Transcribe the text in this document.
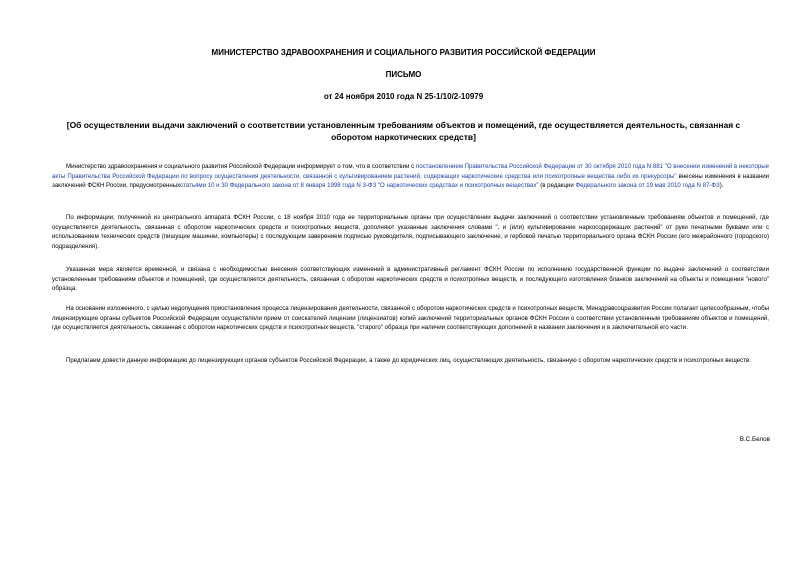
МИНИСТЕРСТВО ЗДРАВООХРАНЕНИЯ И СОЦИАЛЬНОГО РАЗВИТИЯ РОССИЙСКОЙ ФЕДЕРАЦИИ
ПИСЬМО
от 24 ноября 2010 года N 25-1/10/2-10979
[Об осуществлении выдачи заключений о соответствии установленным требованиям объектов и помещений, где осуществляется деятельность, связанная с оборотом наркотических средств]

Министерство здравоохранения и социального развития Российской Федерации информирует о том, что в соответствии с постановлением Правительства Российской Федерации от 30 октября 2010 года N 881 "О внесении изменений в некоторые акты Правительства Российской Федерации по вопросу осуществления деятельности, связанной с культивированием растений, содержащих наркотические средства или психотропные вещества либо их прекурсоры" внесены изменения в названии заключений ФСКН России, предусмотренныхстатьями 10 и 30 Федерального закона от 8 января 1998 года N 3-ФЗ "О наркотических средствах и психотропных веществах" (в редакции Федерального закона от 19 мая 2010 года N 87-ФЗ).

По информации, полученной из центрального аппарата ФСКН России, с 18 ноября 2010 года ее территориальные органы при осуществлении выдачи заключений о соответствии установленным требованиям объектов и помещений, где осуществляется деятельность, связанная с оборотом наркотических средств и психотропных веществ, дополняют указанные заключения словами ", и (или) культивирование наркосодержащих растений" от руки печатными буквами или с использованием технических средств (пишущие машинки, компьютеры) с последующим заверением подписью руководителя, подписывающего заключение, и гербовой печатью территориального органа ФСКН России (его межрайонного (городского) подразделения).

Указанная мера является временной, и связана с необходимостью внесения соответствующих изменений в административный регламент ФСКН России по исполнению государственной функции по выдаче заключений о соответствии установленным требованиям объектов и помещений, где осуществляется деятельность, связанная с оборотом наркотических средств и психотропных веществ, и последующего изготовления бланков заключений на объекты и помещения "нового" образца.

На основании изложенного, с целью недопущения приостановления процесса лицензирования деятельности, связанной с оборотом наркотических средств и психотропных веществ, Минздравсоцразвития России полагает целесообразным, чтобы лицензирующие органы субъектов Российской Федерации осуществляли прием от соискателей лицензии (лицензиатов) копий заключений территориальных органов ФСКН России о соответствии установленным требованиям объектов и помещений, где осуществляется деятельность, связанная с оборотом наркотических средств и психотропных веществ, "старого" образца при наличии соответствующих дополнений в названии заключения и в заключительной его части.

Предлагаем довести данную информацию до лицензирующих органов субъектов Российской Федерации, а также до юридических лиц, осуществляющих деятельность, связанную с оборотом наркотических средств и психотропных веществ.

В.С.Белов
